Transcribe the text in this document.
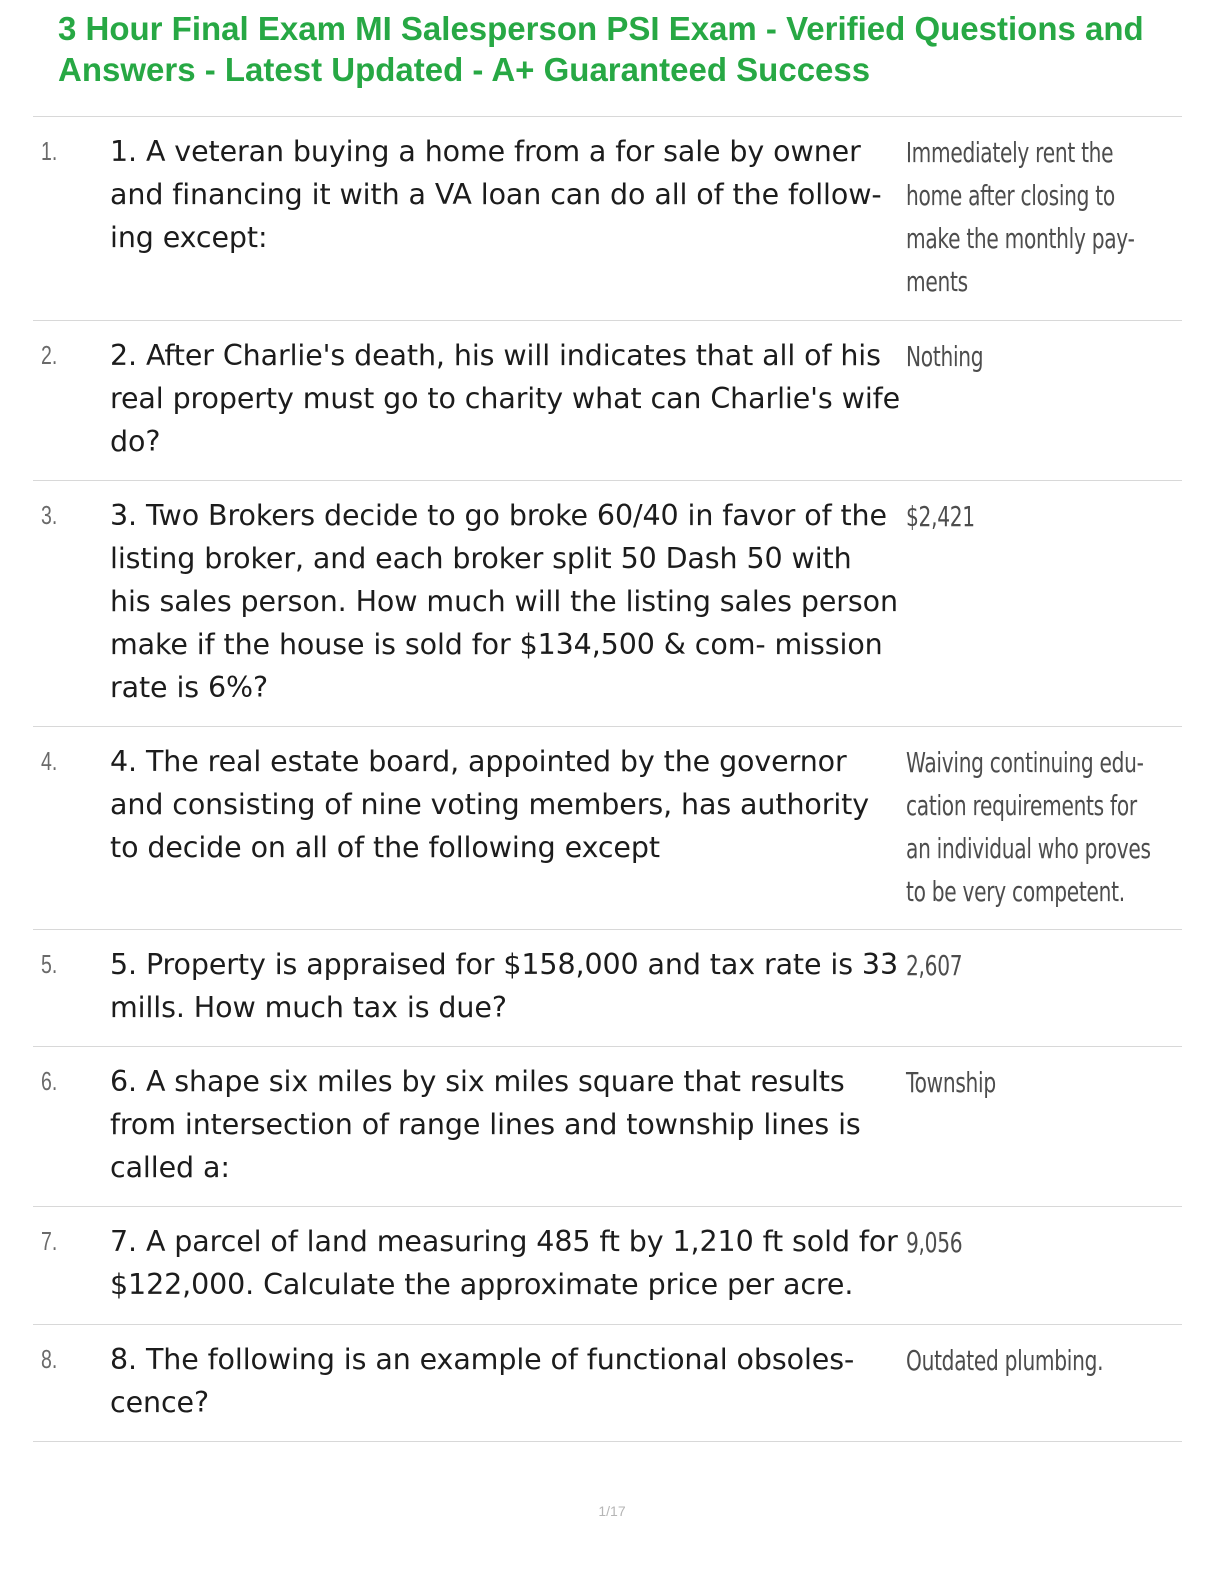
3 Hour Final Exam MI Salesperson PSI Exam - Verified Questions and Answers - Latest Updated - A+ Guaranteed Success
1. 1. A veteran buying a home from a for sale by owner and financing it with a VA loan can do all of the follow- ing except:
Immediately rent the home after closing to make the monthly pay- ments
2. 2. After Charlie's death, his will indicates that all of his real property must go to charity what can Charlie's wife do?
Nothing
3. 3. Two Brokers decide to go broke 60/40 in favor of the listing broker, and each broker split 50 Dash 50 with his sales person. How much will the listing sales person make if the house is sold for $134,500 & com- mission rate is 6%?
$2,421
4. 4. The real estate board, appointed by the governor and consisting of nine voting members, has authority to decide on all of the following except
Waiving continuing edu- cation requirements for an individual who proves to be very competent.
5. 5. Property is appraised for $158,000 and tax rate is 33 mills. How much tax is due?
2,607
6. 6. A shape six miles by six miles square that results from intersection of range lines and township lines is called a:
Township
7. 7. A parcel of land measuring 485 ft by 1,210 ft sold for $122,000. Calculate the approximate price per acre.
9,056
8. 8. The following is an example of functional obsoles- cence?
Outdated plumbing.
1/17
